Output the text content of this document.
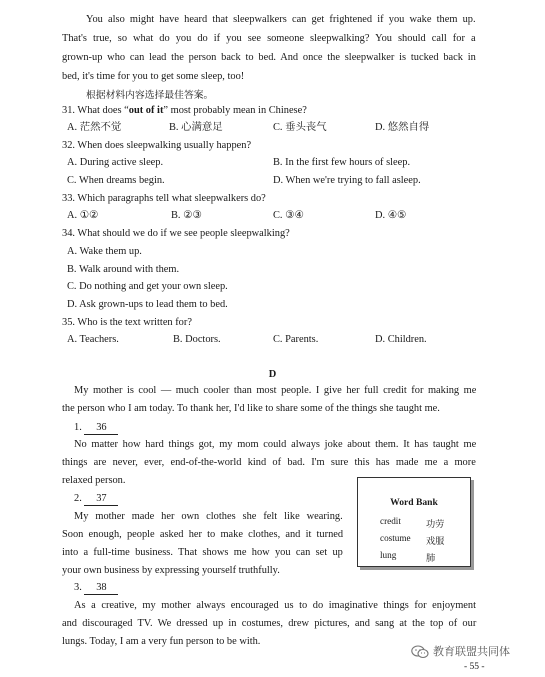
You also might have heard that sleepwalkers can get frightened if you wake them up.
That's true, so what do you do if you see someone sleepwalking? You should call for a
grown-up who can lead the person back to bed. And once the sleepwalker is tucked back in
bed, it's time for you to get some sleep, too!
根据材料内容选择最佳答案。
31. What does “out of it” most probably mean in Chinese?
A. 茫然不觉	B. 心满意足	C. 垂头丧气	D. 悠然自得
32. When does sleepwalking usually happen?
A. During active sleep.	B. In the first few hours of sleep.
C. When dreams begin.	D. When we're trying to fall asleep.
33. Which paragraphs tell what sleepwalkers do?
A. ①②	B. ②③	C. ③④	D. ④⑤
34. What should we do if we see people sleepwalking?
A. Wake them up.
B. Walk around with them.
C. Do nothing and get your own sleep.
D. Ask grown-ups to lead them to bed.
35. Who is the text written for?
A. Teachers.	B. Doctors.	C. Parents.	D. Children.
D
My mother is cool — much cooler than most people. I give her full credit for making me
the person who I am today. To thank her, I'd like to share some of the things she taught me.
1. 36
No matter how hard things got, my mom could always joke about them. It has taught me
things are never, ever, end-of-the-world kind of bad. I'm sure this has made me a more
relaxed person.
2. 37
My mother made her own clothes she felt like wearing.
Soon enough, people asked her to make clothes, and it turned
into a full-time business. That shows me how you can set up
your own business by expressing yourself truthfully.
Word Bank
credit	功劳
costume 戏服
lung	肺
3. 38
As a creative, my mother always encouraged us to do imaginative things for enjoyment
and discouraged TV. We dressed up in costumes, drew pictures, and sang at the top of our
lungs. Today, I am a very fun person to be with.
教育联盟共同体
- 55 -
